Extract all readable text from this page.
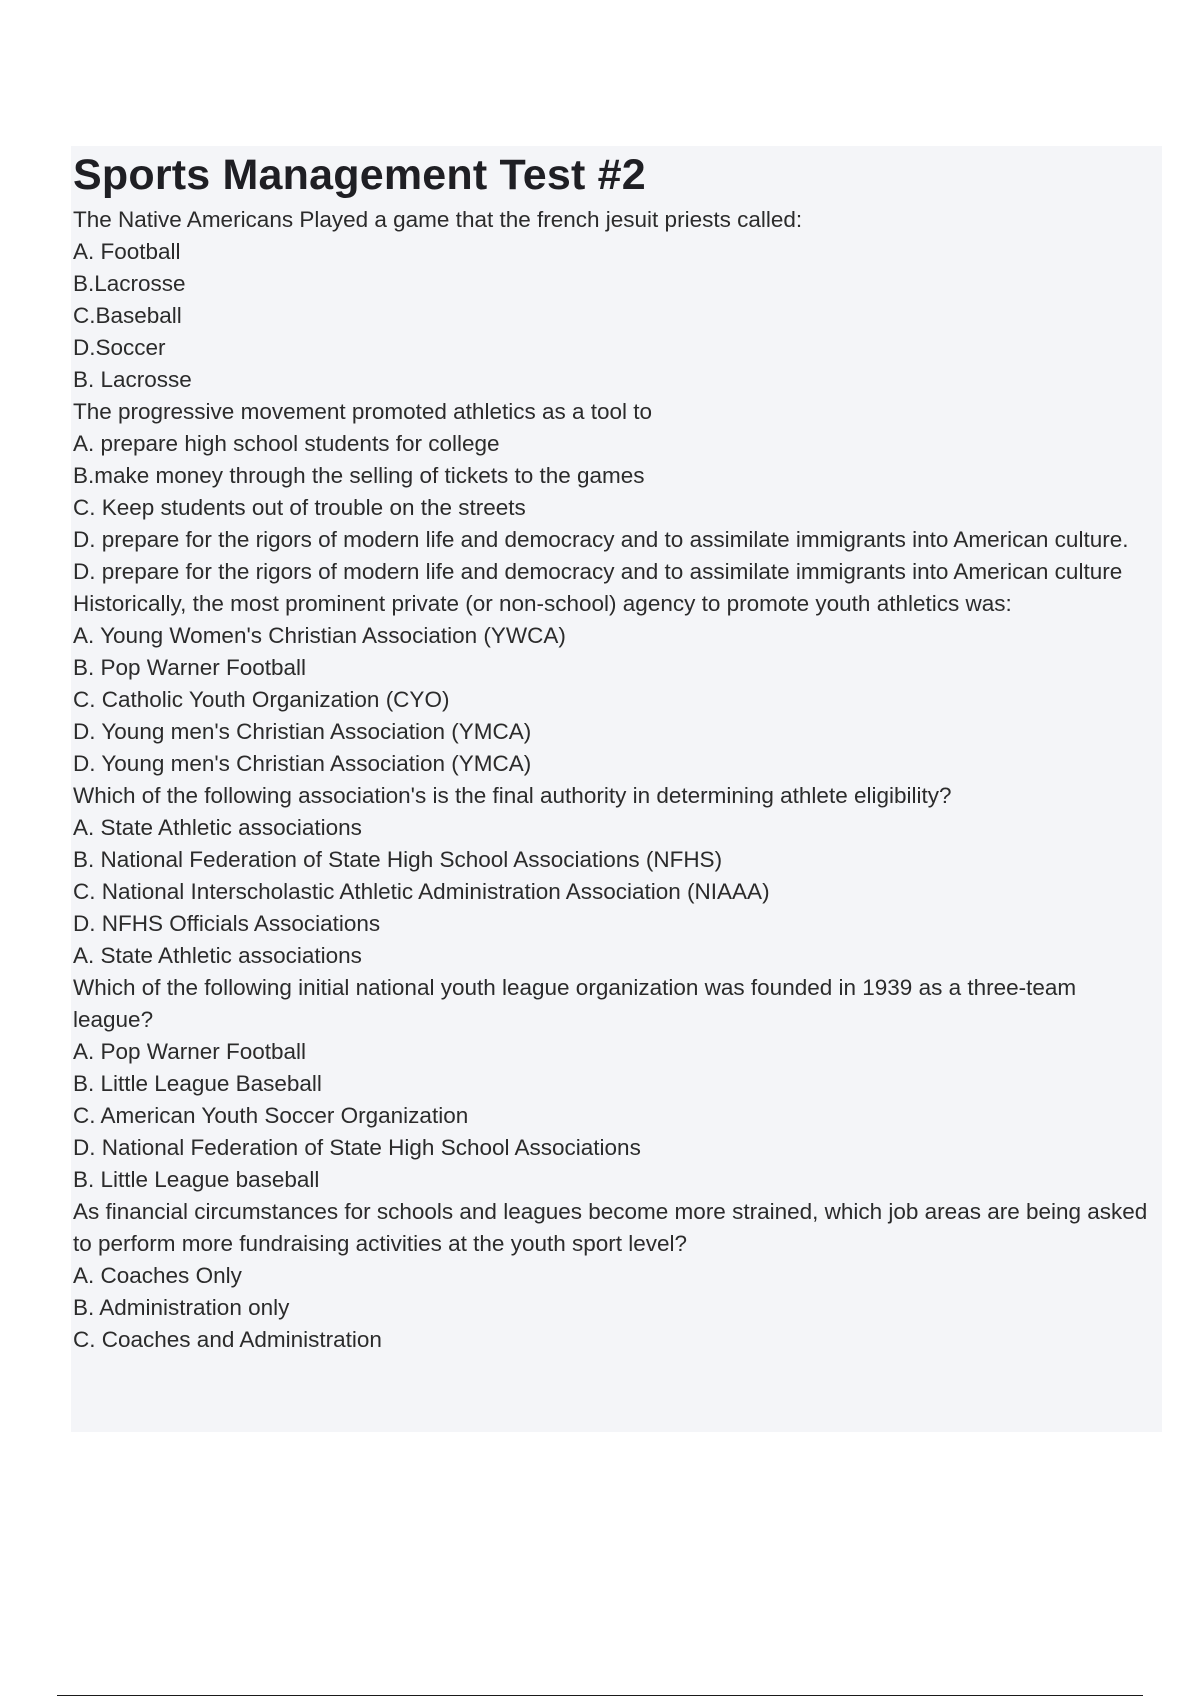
Sports Management Test #2

The Native Americans Played a game that the french jesuit priests called:

A. Football

B.Lacrosse

C.Baseball

D.Soccer

B. Lacrosse

The progressive movement promoted athletics as a tool to

A. prepare high school students for college

B.make money through the selling of tickets to the games

C. Keep students out of trouble on the streets

D. prepare for the rigors of modern life and democracy and to assimilate immigrants into American culture.

D. prepare for the rigors of modern life and democracy and to assimilate immigrants into American culture

Historically, the most prominent private (or non-school) agency to promote youth athletics was:

A. Young Women's Christian Association (YWCA)

B. Pop Warner Football

C. Catholic Youth Organization (CYO)

D. Young men's Christian Association (YMCA)

D. Young men's Christian Association (YMCA)

Which of the following association's is the final authority in determining athlete eligibility?

A. State Athletic associations

B. National Federation of State High School Associations (NFHS)

C. National Interscholastic Athletic Administration Association (NIAAA)

D. NFHS Officials Associations

A. State Athletic associations

Which of the following initial national youth league organization was founded in 1939 as a three-team league?

A. Pop Warner Football

B. Little League Baseball

C. American Youth Soccer Organization

D. National Federation of State High School Associations

B. Little League baseball

As financial circumstances for schools and leagues become more strained, which job areas are being asked to perform more fundraising activities at the youth sport level?

A. Coaches Only

B. Administration only

C. Coaches and Administration
